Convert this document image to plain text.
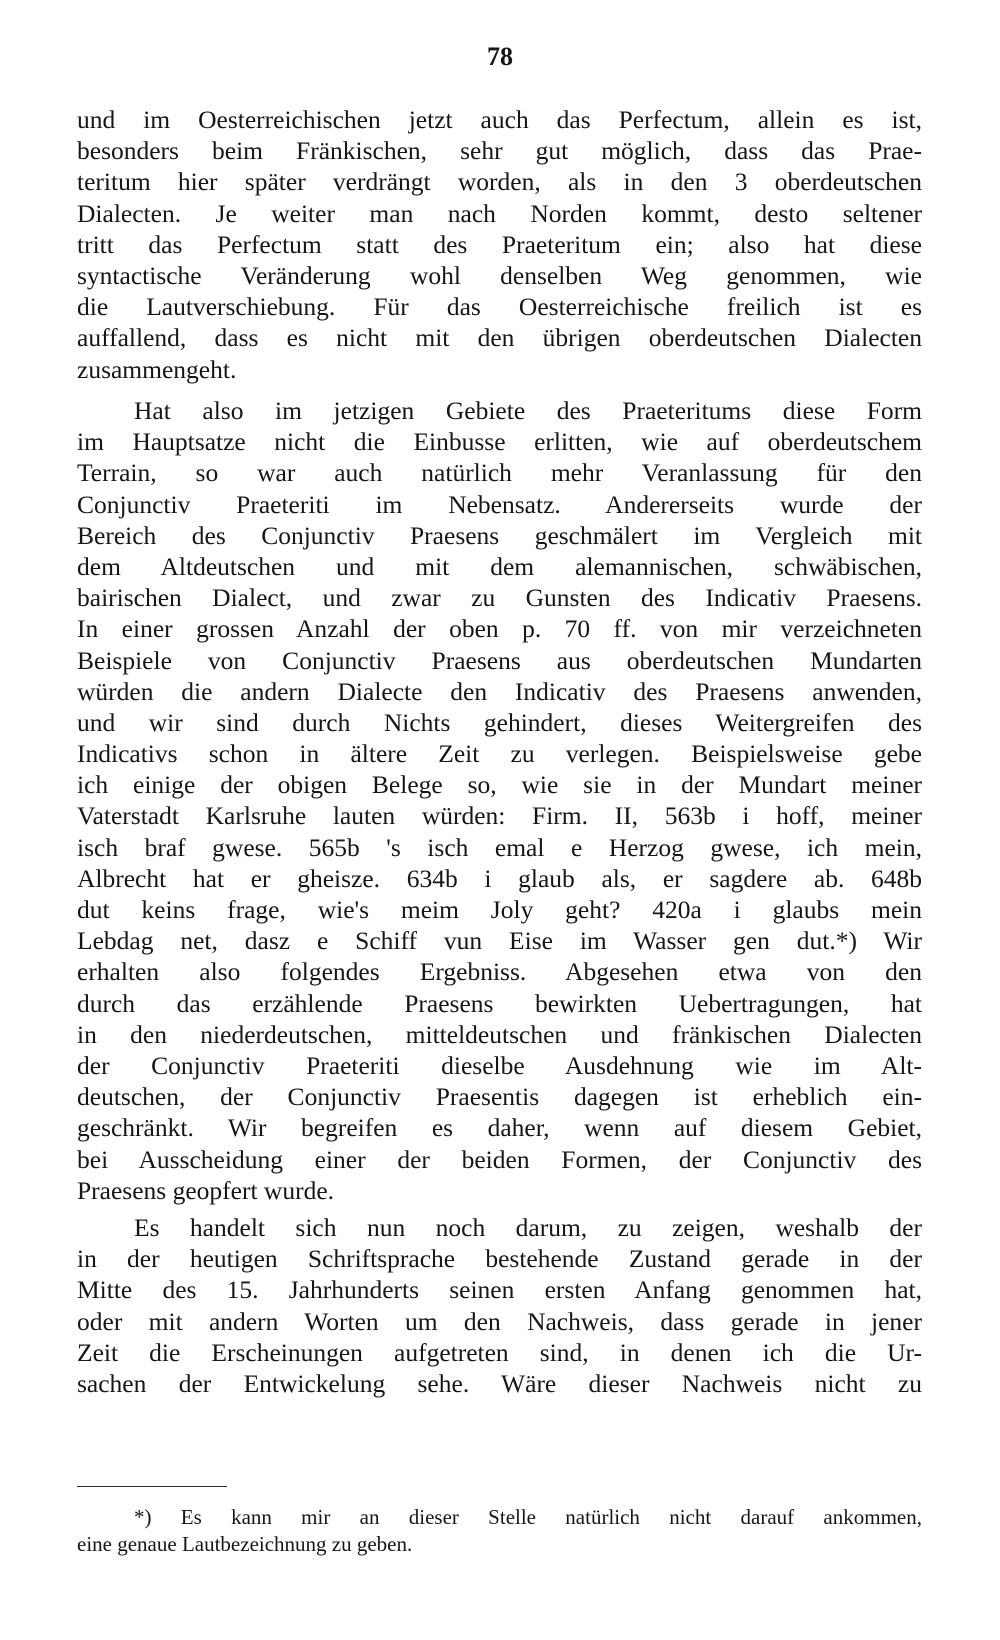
78
und im Oesterreichischen jetzt auch das Perfectum, allein es ist,
besonders beim Fränkischen, sehr gut möglich, dass das Prae-
teritum hier später verdrängt worden, als in den 3 oberdeutschen
Dialecten. Je weiter man nach Norden kommt, desto seltener
tritt das Perfectum statt des Praeteritum ein; also hat diese
syntactische Veränderung wohl denselben Weg genommen, wie
die Lautverschiebung. Für das Oesterreichische freilich ist es
auffallend, dass es nicht mit den übrigen oberdeutschen Dialecten
zusammengeht.
Hat also im jetzigen Gebiete des Praeteritums diese Form
im Hauptsatze nicht die Einbusse erlitten, wie auf oberdeutschem
Terrain, so war auch natürlich mehr Veranlassung für den
Conjunctiv Praeteriti im Nebensatz. Andererseits wurde der
Bereich des Conjunctiv Praesens geschmälert im Vergleich mit
dem Altdeutschen und mit dem alemannischen, schwäbischen,
bairischen Dialect, und zwar zu Gunsten des Indicativ Praesens.
In einer grossen Anzahl der oben p. 70 ff. von mir verzeichneten
Beispiele von Conjunctiv Praesens aus oberdeutschen Mundarten
würden die andern Dialecte den Indicativ des Praesens anwenden,
und wir sind durch Nichts gehindert, dieses Weitergreifen des
Indicativs schon in ältere Zeit zu verlegen. Beispielsweise gebe
ich einige der obigen Belege so, wie sie in der Mundart meiner
Vaterstadt Karlsruhe lauten würden: Firm. II, 563b i hoff, meiner
isch braf gwese. 565b 's isch emal e Herzog gwese, ich mein,
Albrecht hat er gheisze. 634b i glaub als, er sagdere ab. 648b
dut keins frage, wie's meim Joly geht? 420a i glaubs mein
Lebdag net, dasz e Schiff vun Eise im Wasser gen dut.*) Wir
erhalten also folgendes Ergebniss. Abgesehen etwa von den
durch das erzählende Praesens bewirkten Uebertragungen, hat
in den niederdeutschen, mitteldeutschen und fränkischen Dialecten
der Conjunctiv Praeteriti dieselbe Ausdehnung wie im Alt-
deutschen, der Conjunctiv Praesentis dagegen ist erheblich ein-
geschränkt. Wir begreifen es daher, wenn auf diesem Gebiet,
bei Ausscheidung einer der beiden Formen, der Conjunctiv des
Praesens geopfert wurde.
Es handelt sich nun noch darum, zu zeigen, weshalb der
in der heutigen Schriftsprache bestehende Zustand gerade in der
Mitte des 15. Jahrhunderts seinen ersten Anfang genommen hat,
oder mit andern Worten um den Nachweis, dass gerade in jener
Zeit die Erscheinungen aufgetreten sind, in denen ich die Ur-
sachen der Entwickelung sehe. Wäre dieser Nachweis nicht zu
*) Es kann mir an dieser Stelle natürlich nicht darauf ankommen,
eine genaue Lautbezeichnung zu geben.
